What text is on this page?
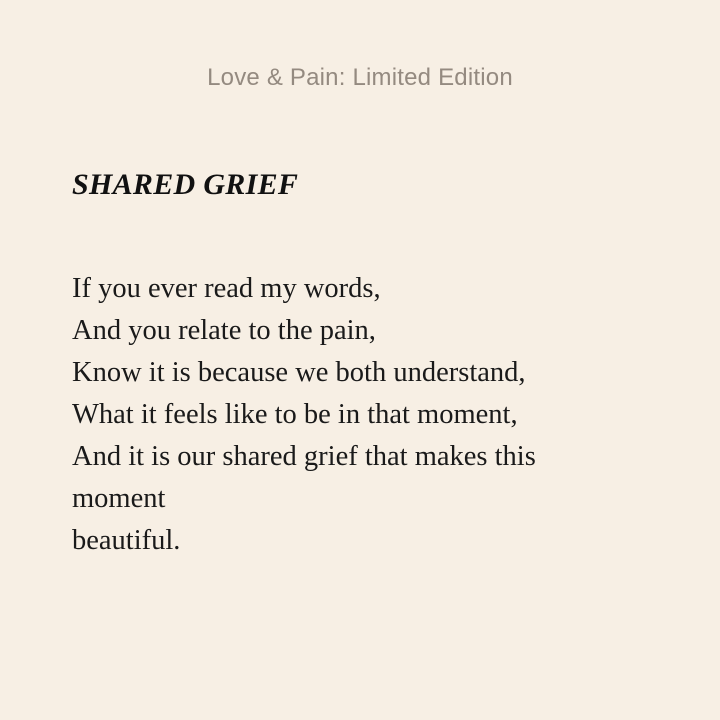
Love & Pain: Limited Edition
SHARED GRIEF
If you ever read my words,
And you relate to the pain,
Know it is because we both understand,
What it feels like to be in that moment,
And it is our shared grief that makes this
moment
beautiful.
